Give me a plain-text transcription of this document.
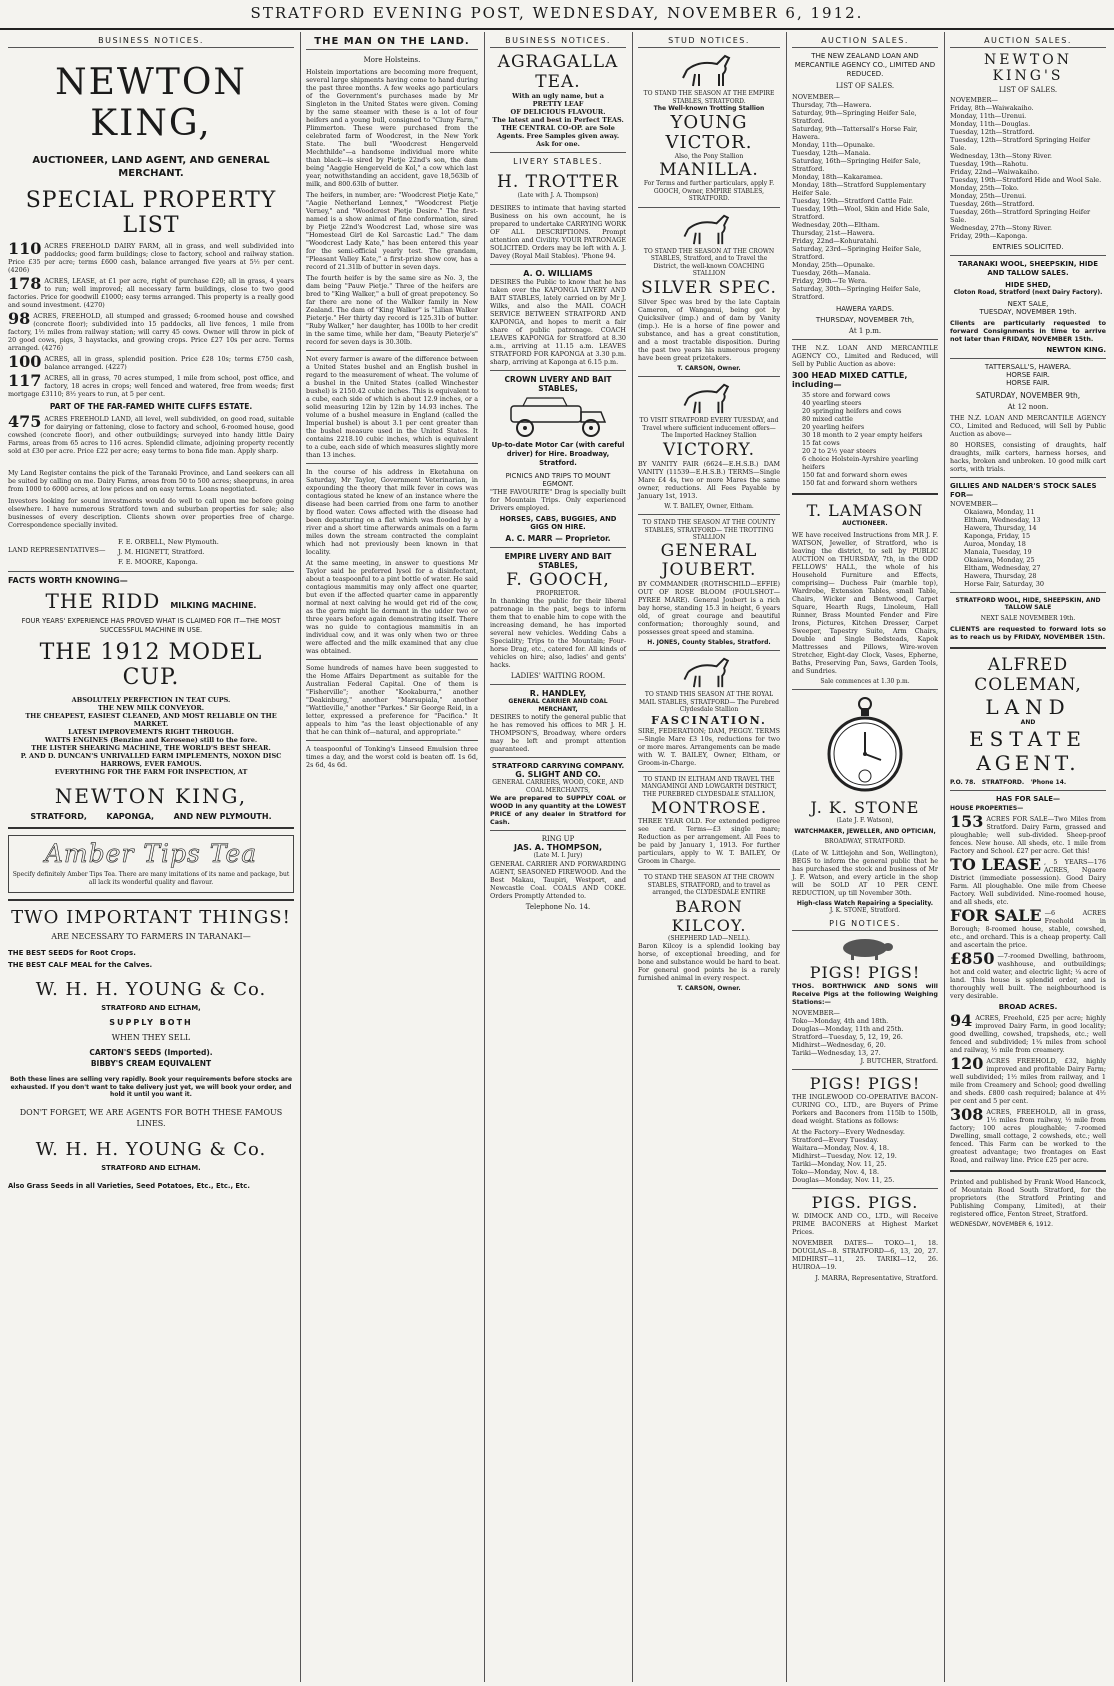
STRATFORD EVENING POST, WEDNESDAY, NOVEMBER 6, 1912.
BUSINESS NOTICES.
NEWTON KING,
AUCTIONEER, LAND AGENT, AND GENERAL MERCHANT.
SPECIAL PROPERTY LIST
110 ACRES FREEHOLD DAIRY FARM, all in grass, and well subdivided into paddocks; good farm buildings; close to factory, school and railway station. Price £35 per acre; terms £600 cash, balance arranged five years at 5½ per cent. (4206)
178 ACRES, LEASE, at £1 per acre, right of purchase £20; all in grass, 4 years to run; well improved; all necessary farm buildings, close to two good factories. Price for goodwill £1000; easy terms arranged. This property is a really good and sound investment. (4270)
98 ACRES, FREEHOLD, all stumped and grassed; 6-roomed house and cowshed (concrete floor); subdivided into 15 paddocks, all live fences, 1 mile from factory, 1½ miles from railway station; will carry 45 cows. Owner will throw in pick of 20 good cows, pigs, 3 haystacks, and growing crops. Price £27 10s per acre. Terms arranged. (4276)
100 ACRES, all in grass, splendid position. Price £28 10s; terms £750 cash, balance arranged. (4227)
117 ACRES, all in grass, 70 acres stumped, 1 mile from school, post office, and factory, 18 acres in crops; well fenced and watered, free from weeds; first mortgage £3110; 8½ years to run, at 5 per cent.
PART OF THE FAR-FAMED WHITE CLIFFS ESTATE.
475 ACRES FREEHOLD LAND, all level, well subdivided, on good road, suitable for dairying or fattening, close to factory and school, 6-roomed house, good cowshed (concrete floor), and other outbuildings; surveyed into handy little Dairy Farms, areas from 65 acres to 116 acres. Splendid climate, adjoining property recently sold at £30 per acre. Price £22 per acre; easy terms to bona fide man. Apply sharp.
My Land Register contains the pick of the Taranaki Province, and Land seekers can all be suited by calling on me. Dairy Farms, areas from 50 to 500 acres; sheepruns, in area from 1000 to 6000 acres, at low prices and on easy terms. Loans negotiated.
Investors looking for sound investments would do well to call upon me before going elsewhere. I have numerous Stratford town and suburban properties for sale; also businesses of every description. Clients shown over properties free of charge. Correspondence specially invited.
LAND REPRESENTATIVES—
F. E. ORBELL, New Plymouth.
J. M. HIGNETT, Stratford.
F. E. MOORE, Kaponga.
FACTS WORTH KNOWING—
THE RIDD MILKING MACHINE.
FOUR YEARS' EXPERIENCE HAS PROVED WHAT IS CLAIMED FOR IT—THE MOST SUCCESSFUL MACHINE IN USE.
THE 1912 MODEL CUP.
ABSOLUTELY PERFECTION IN TEAT CUPS.
THE NEW MILK CONVEYOR.
THE CHEAPEST, EASIEST CLEANED, AND MOST RELIABLE ON THE MARKET.
LATEST IMPROVEMENTS RIGHT THROUGH.
WATTS ENGINES (Benzine and Kerosene) still to the fore.
THE LISTER SHEARING MACHINE, THE WORLD'S BEST SHEAR.
P. AND D. DUNCAN'S UNRIVALLED FARM IMPLEMENTS, NOXON DISC HARROWS, EVER FAMOUS.
EVERYTHING FOR THE FARM FOR INSPECTION, AT
NEWTON KING,
STRATFORD,       KAPONGA,       AND NEW PLYMOUTH.
Amber Tips Tea
Specify definitely Amber Tips Tea. There are many imitations of its name and package, but all lack its wonderful quality and flavour.
TWO IMPORTANT THINGS!
ARE NECESSARY TO FARMERS IN TARANAKI—
THE BEST SEEDS for Root Crops.
THE BEST CALF MEAL for the Calves.
W. H. H. YOUNG & Co.
STRATFORD AND ELTHAM,
SUPPLY BOTH
WHEN THEY SELL
CARTON'S SEEDS (Imported).
BIBBY'S CREAM EQUIVALENT
Both these lines are selling very rapidly. Book your requirements before stocks are exhausted. If you don't want to take delivery just yet, we will book your order, and hold it until you want it.
DON'T FORGET, WE ARE AGENTS FOR BOTH THESE FAMOUS LINES.
W. H. H. YOUNG & Co.
STRATFORD AND ELTHAM.
Also Grass Seeds in all Varieties, Seed Potatoes, Etc., Etc., Etc.
THE MAN ON THE LAND.
More Holsteins.

Holstein importations are becoming more frequent, several large shipments having come to hand during the past three months. A few weeks ago particulars of the Government's purchases made by Mr Singleton in the United States were given. Coming by the same steamer with these is a lot of four heifers and a young bull, consigned to "Cluny Farm," Plimmerton. These were purchased from the celebrated farm of Woodcrest, in the New York State. The bull "Woodcrest Hengerveld Mechthilde"—a handsome individual more white than black—is sired by Pietje 22nd's son, the dam being "Aaggie Hengerveld de Kol," a cow which last year, notwithstanding an accident, gave 18,563lb of milk, and 800.63lb of butter.

The heifers, in number, are: "Woodcrest Pietje Kate," "Aagie Netherland Lennex," "Woodcrest Pietje Verney," and "Woodcrest Pietje Desire." The first-named is a show animal of fine conformation, sired by Pietje 22nd's Woodcrest Lad, whose sire was "Homestead Girl de Kol Sarcastic Lad." The dam "Woodcrest Lady Kate," has been entered this year for the semi-official yearly test. The grandam, "Pleasant Valley Kate," a first-prize show cow, has a record of 21.31lb of butter in seven days.

The fourth heifer is by the same sire as No. 3, the dam being "Pauw Pietje." Three of the heifers are bred to "King Walker," a bull of great prepotency. So far there are none of the Walker family in New Zealand. The dam of "King Walker" is "Lilian Walker Pieterje." Her thirty day record is 125.31b of butter. "Ruby Walker," her daughter, has 100lb to her credit in the same time, while her dam, "Beauty Pieterje's" record for seven days is 30.30lb.

Not every farmer is aware of the difference between a United States bushel and an English bushel in regard to the measurement of wheat. The volume of a bushel in the United States (called Winchester bushel) is 2150.42 cubic inches. This is equivalent to a cube, each side of which is about 12.9 inches, or a solid measuring 12in by 12in by 14.93 inches. The volume of a bushel measure in England (called the Imperial bushel) is about 3.1 per cent greater than the bushel measure used in the United States. It contains 2218.10 cubic inches, which is equivalent to a cube, each side of which measures slightly more than 13 inches.

In the course of his address in Eketahuna on Saturday, Mr Taylor, Government Veterinarian, in expounding the theory that milk fever in cows was contagious stated he knew of an instance where the disease had been carried from one farm to another by flood water. Cows affected with the disease had been depasturing on a flat which was flooded by a river and a short time afterwards animals on a farm miles down the stream contracted the complaint which had not previously been known in that locality.

At the same meeting, in answer to questions Mr Taylor said he preferred lysol for a disinfectant, about a teaspoonful to a pint bottle of water. He said contagious mammitis may only affect one quarter, but even if the affected quarter came in apparently normal at next calving he would get rid of the cow, as the germ might lie dormant in the udder two or three years before again demonstrating itself. There was no guide to contagious mammitis in an individual cow, and it was only when two or three were affected and the milk examined that any clue was obtained.

Some hundreds of names have been suggested to the Home Affairs Department as suitable for the Australian Federal Capital. One of them is "Fisherville"; another "Kookaburra," another "Deakinburg," another "Marsupiala," another "Wattleville," another "Parkes." Sir George Reid, in a letter, expressed a preference for "Pacifica." It appeals to him "as the least objectionable of any that he can think of—natural, and appropriate."

A teaspoonful of Tonking's Linseed Emulsion three times a day, and the worst cold is beaten off. 1s 6d, 2s 6d, 4s 6d.

BUSINESS NOTICES.
AGRAGALLA TEA.
With an ugly name, but a
PRETTY LEAF
OF DELICIOUS FLAVOUR.
The latest and best in Perfect TEAS.
THE CENTRAL CO-OP. are Sole Agents. Free Samples given away. Ask for one.
LIVERY STABLES.
H. TROTTER
(Late with J. A. Thompson)

DESIRES to intimate that having started Business on his own account, he is prepared to undertake CARRYING WORK OF ALL DESCRIPTIONS. Prompt attention and Civility. YOUR PATRONAGE SOLICITED. Orders may be left with A. J. Davey (Royal Mail Stables). 'Phone 94.

A. O. WILLIAMS

DESIRES the Public to know that he has taken over the KAPONGA LIVERY AND BAIT STABLES, lately carried on by Mr J. Wilks, and also the MAIL COACH SERVICE BETWEEN STRATFORD AND KAPONGA, and hopes to merit a fair share of public patronage. COACH LEAVES KAPONGA for Stratford at 8.30 a.m., arriving at 11.15 a.m. LEAVES STRATFORD FOR KAPONGA at 3.30 p.m. sharp, arriving at Kaponga at 6.15 p.m.

CROWN LIVERY AND BAIT STABLES,
Up-to-date Motor Car (with careful driver) for Hire. Broadway, Stratford.
PICNICS AND TRIPS TO MOUNT EGMONT.

"THE FAVOURITE" Drag is specially built for Mountain Trips. Only experienced Drivers employed.

HORSES, CABS, BUGGIES, AND GIGS ON HIRE.
A. C. MARR — Proprietor.
EMPIRE LIVERY AND BAIT STABLES,
F. GOOCH,
PROPRIETOR.

In thanking the public for their liberal patronage in the past, begs to inform them that to enable him to cope with the increasing demand, he has imported several new vehicles. Wedding Cabs a Speciality; Trips to the Mountain; Four-horse Drag, etc., catered for. All kinds of vehicles on hire; also, ladies' and gents' hacks.

LADIES' WAITING ROOM.
R. HANDLEY,
GENERAL CARRIER AND COAL MERCHANT,

DESIRES to notify the general public that he has removed his offices to MR J. H. THOMPSON'S, Broadway, where orders may be left and prompt attention guaranteed.

STRATFORD CARRYING COMPANY.
G. SLIGHT AND CO.
GENERAL CARRIERS, WOOD, COKE, AND COAL MERCHANTS,

We are prepared to SUPPLY COAL or WOOD in any quantity at the LOWEST PRICE of any dealer in Stratford for Cash.

RING UP
JAS. A. THOMPSON,
(Late M. I. Jury)

GENERAL CARRIER AND FORWARDING AGENT, SEASONED FIREWOOD. And the Best Makau, Taupiri, Westport, and Newcastle Coal. COALS AND COKE. Orders Promptly Attended to.

Telephone No. 14.
STUD NOTICES.
TO STAND THE SEASON AT THE EMPIRE STABLES, STRATFORD.
The Well-known Trotting Stallion
YOUNG VICTOR.
Also, the Pony Stallion
MANILLA.
For Terms and further particulars, apply F. GOOCH, Owner, EMPIRE STABLES, STRATFORD.
TO STAND THE SEASON AT THE CROWN STABLES, Stratford, and to Travel the District, the well-known COACHING STALLION
SILVER SPEC.

Silver Spec was bred by the late Captain Cameron, of Wanganui, being got by Quicksilver (imp.) and of dam by Vanity (imp.). He is a horse of fine power and substance, and has a great constitution, and a most tractable disposition. During the past two years his numerous progeny have been great prizetakers.

T. CARSON, Owner.
TO VISIT STRATFORD EVERY TUESDAY, and Travel where sufficient inducement offers—The Imported Hackney Stallion
VICTORY.

BY VANITY FAIR (6624—E.H.S.B.) DAM VANITY (11539—E.H.S.B.) TERMS—Single Mare £4 4s, two or more Mares the same owner, reductions. All Fees Payable by January 1st, 1913.

W. T. BAILEY, Owner, Eltham.
TO STAND THE SEASON AT THE COUNTY STABLES, STRATFORD— THE TROTTING STALLION
GENERAL JOUBERT.

BY COMMANDER (ROTHSCHILD—EFFIE) OUT OF ROSE BLOOM (FOULSHOT—PYREE MARE). General Joubert is a rich bay horse, standing 15.3 in height, 6 years old, of great courage and beautiful conformation; thoroughly sound, and possesses great speed and stamina.

H. JONES, County Stables, Stratford.
TO STAND THIS SEASON AT THE ROYAL MAIL STABLES, STRATFORD— The Purebred Clydesdale Stallion
FASCINATION.

SIRE, FEDERATION; DAM, PEGGY. TERMS—Single Mare £3 10s, reductions for two or more mares. Arrangements can be made with W. T. BAILEY, Owner, Eltham, or Groom-in-Charge.

TO STAND IN ELTHAM AND TRAVEL THE MANGAMINGI AND LOWGARTH DISTRICT, THE PUREBRED CLYDESDALE STALLION,
MONTROSE.

THREE YEAR OLD. For extended pedigree see card. Terms—£3 single mare; Reduction as per arrangement. All Fees to be paid by January 1, 1913. For further particulars, apply to W. T. BAILEY, Or Groom in Charge.

TO STAND THE SEASON AT THE CROWN STABLES, STRATFORD, and to travel as arranged, the CLYDESDALE ENTIRE
BARON KILCOY.
(SHEPHERD LAD—NELL).

Baron Kilcoy is a splendid looking bay horse, of exceptional breeding, and for bone and substance would be hard to beat. For general good points he is a rarely furnished animal in every respect.

T. CARSON, Owner.
AUCTION SALES.
THE NEW ZEALAND LOAN AND MERCANTILE AGENCY CO., LIMITED AND REDUCED.
LIST OF SALES.
NOVEMBER—
Thursday, 7th—Hawera.
Saturday, 9th—Springing Heifer Sale, Stratford.
Saturday, 9th—Tattersall's Horse Fair, Hawera.
Monday, 11th—Opunake.
Tuesday, 12th—Manaia.
Saturday, 16th—Springing Heifer Sale, Stratford.
Monday, 18th—Kakaramea.
Monday, 18th—Stratford Supplementary Heifer Sale.
Tuesday, 19th—Stratford Cattle Fair.
Tuesday, 19th—Wool, Skin and Hide Sale, Stratford.
Wednesday, 20th—Eltham.
Thursday, 21st—Hawera.
Friday, 22nd—Kohuratahi.
Saturday, 23rd—Springing Heifer Sale, Stratford.
Monday, 25th—Opunake.
Tuesday, 26th—Manaia.
Friday, 29th—Te Wera.
Saturday, 30th—Springing Heifer Sale, Stratford.
HAWERA YARDS.
THURSDAY, NOVEMBER 7th,
At 1 p.m.

THE N.Z. LOAN AND MERCANTILE AGENCY CO., Limited and Reduced, will Sell by Public Auction as above:

300 HEAD MIXED CATTLE, including—
35 store and forward cows
40 yearling steers
20 springing heifers and cows
80 mixed cattle
20 yearling heifers
30 18 month to 2 year empty heifers
15 fat cows
20 2 to 2½ year steers
6 choice Holstein-Ayrshire yearling heifers
150 fat and forward shorn ewes
150 fat and forward shorn wethers
T. LAMASON
AUCTIONEER.

WE have received Instructions from MR J. F. WATSON, Jeweller, of Stratford, who is leaving the district, to sell by PUBLIC AUCTION on THURSDAY, 7th, in the ODD FELLOWS' HALL, the whole of his Household Furniture and Effects, comprising— Duchess Pair (marble top), Wardrobe, Extension Tables, small Table, Chairs, Wicker and Bentwood, Carpet Square, Hearth Rugs, Linoleum, Hall Runner, Brass Mounted Fender and Fire Irons, Pictures, Kitchen Dresser, Carpet Sweeper, Tapestry Suite, Arm Chairs, Double and Single Bedsteads, Kapok Mattresses and Pillows, Wire-woven Stretcher, Eight-day Clock, Vases, Epherne, Baths, Preserving Pan, Saws, Garden Tools, and Sundries.

Sale commences at 1.30 p.m.
J. K. STONE
(Late J. F. Watson),
WATCHMAKER, JEWELLER, AND OPTICIAN,
BROADWAY, STRATFORD.

(Late of W. Littlejohn and Son, Wellington), BEGS to inform the general public that he has purchased the stock and business of Mr J. F. Watson, and every article in the shop will be SOLD AT 10 PER CENT. REDUCTION, up till November 30th.

High-class Watch Repairing a Speciality.
J. K. STONE, Stratford.
PIG NOTICES.
PIGS! PIGS!

THOS. BORTHWICK AND SONS will Receive Pigs at the following Weighing Stations:—

NOVEMBER—
Toko—Monday, 4th and 18th.
Douglas—Monday, 11th and 25th.
Stratford—Tuesday, 5, 12, 19, 26.
Midhirst—Wednesday, 6, 20.
Tariki—Wednesday, 13, 27.
J. BUTCHER, Stratford.
PIGS! PIGS!

THE INGLEWOOD CO-OPERATIVE BACON-CURING CO., LTD., are Buyers of Prime Porkers and Baconers from 115lb to 150lb, dead weight. Stations as follows:

At the Factory—Every Wednesday.
Stratford—Every Tuesday.
Waitara—Monday, Nov. 4, 18.
Midhirst—Tuesday, Nov. 12, 19.
Tariki—Monday, Nov. 11, 25.
Toko—Monday, Nov. 4, 18.
Douglas—Monday, Nov. 11, 25.
PIGS. PIGS.

W. DIMOCK AND CO., LTD., will Receive PRIME BACONERS at Highest Market Prices.

NOVEMBER DATES— TOKO—1, 18. DOUGLAS—8. STRATFORD—6, 13, 20, 27. MIDHIRST—11, 25. TARIKI—12, 26. HUIROA—19.

J. MARRA, Representative, Stratford.
AUCTION SALES.
NEWTON KING'S
LIST OF SALES.
NOVEMBER—
Friday, 8th—Waiwakaiho.
Monday, 11th—Urenui.
Monday, 11th—Douglas.
Tuesday, 12th—Stratford.
Tuesday, 12th—Stratford Springing Heifer Sale.
Wednesday, 13th—Stony River.
Tuesday, 19th—Rahotu.
Friday, 22nd—Waiwakaiho.
Tuesday, 19th—Stratford Hide and Wool Sale.
Monday, 25th—Toko.
Monday, 25th—Urenui.
Tuesday, 26th—Stratford.
Tuesday, 26th—Stratford Springing Heifer Sale.
Wednesday, 27th—Stony River.
Friday, 29th—Kaponga.
ENTRIES SOLICITED.
TARANAKI WOOL, SHEEPSKIN, HIDE AND TALLOW SALES.
HIDE SHED,
Cloton Road, Stratford (next Dairy Factory).
NEXT SALE,
TUESDAY, NOVEMBER 19th.

Clients are particularly requested to forward Consignments in time to arrive not later than FRIDAY, NOVEMBER 15th.

NEWTON KING.
TATTERSALL'S, HAWERA.
HORSE FAIR.
HORSE FAIR.
SATURDAY, NOVEMBER 9th,
At 12 noon.

THE N.Z. LOAN AND MERCANTILE AGENCY CO., Limited and Reduced, will Sell by Public Auction as above—

80 HORSES, consisting of draughts, half draughts, milk carters, harness horses, and hacks, broken and unbroken. 10 good milk cart sorts, with trials.

GILLIES AND NALDER'S STOCK SALES FOR—
NOVEMBER—
Okaiawa, Monday, 11
Eltham, Wednesday, 13
Hawera, Thursday, 14
Kaponga, Friday, 15
Auroa, Monday, 18
Manaia, Tuesday, 19
Okaiawa, Monday, 25
Eltham, Wednesday, 27
Hawera, Thursday, 28
Horse Fair, Saturday, 30
STRATFORD WOOL, HIDE, SHEEPSKIN, AND TALLOW SALE
NEXT SALE NOVEMBER 19th.

CLIENTS are requested to forward lots so as to reach us by FRIDAY, NOVEMBER 15th.

ALFRED COLEMAN,
LAND
AND
ESTATE
AGENT.
P.O. 78.   STRATFORD.   'Phone 14.
HAS FOR SALE—
HOUSE PROPERTIES—
153 ACRES FOR SALE—Two Miles from Stratford. Dairy Farm, grassed and ploughable; well sub-divided. Sheep-proof fences. New house. All sheds, etc. 1 mile from Factory and School. £27 per acre. Get this!
TO LEASE , 5 YEARS—176 ACRES, Ngaere District (immediate possession). Good Dairy Farm. All ploughable. One mile from Cheese Factory. Well subdivided. Nine-roomed house, and all sheds, etc.
FOR SALE —6 ACRES Freehold in Borough; 8-roomed house, stable, cowshed, etc., and orchard. This is a cheap property. Call and ascertain the price.
£850 —7-roomed Dwelling, bathroom, washhouse, and outbuildings; hot and cold water, and electric light; ¼ acre of land. This house is splendid order, and is thoroughly well built. The neighbourhood is very desirable.
BROAD ACRES.
94 ACRES, Freehold, £25 per acre; highly improved Dairy Farm, in good locality; good dwelling, cowshed, trapsheds, etc.; well fenced and subdivided; 1¼ miles from school and railway, ½ mile from creamery.
120 ACRES FREEHOLD, £32, highly improved and profitable Dairy Farm; well subdivided; 1½ miles from railway, and 1 mile from Creamery and School; good dwelling and sheds. £800 cash required; balance at 4½ per cent and 5 per cent.
308 ACRES, FREEHOLD, all in grass, 1½ miles from railway, ½ mile from factory; 100 acres ploughable; 7-roomed Dwelling, small cottage, 2 cowsheds, etc.; well fenced. This Farm can be worked to the greatest advantage; two frontages on East Road, and railway line. Price £25 per acre.

Printed and published by Frank Wood Hancock, of Mountain Road South Stratford, for the proprietors (the Stratford Printing and Publishing Company, Limited), at their registered office, Fenton Street, Stratford.

WEDNESDAY, NOVEMBER 6, 1912.
